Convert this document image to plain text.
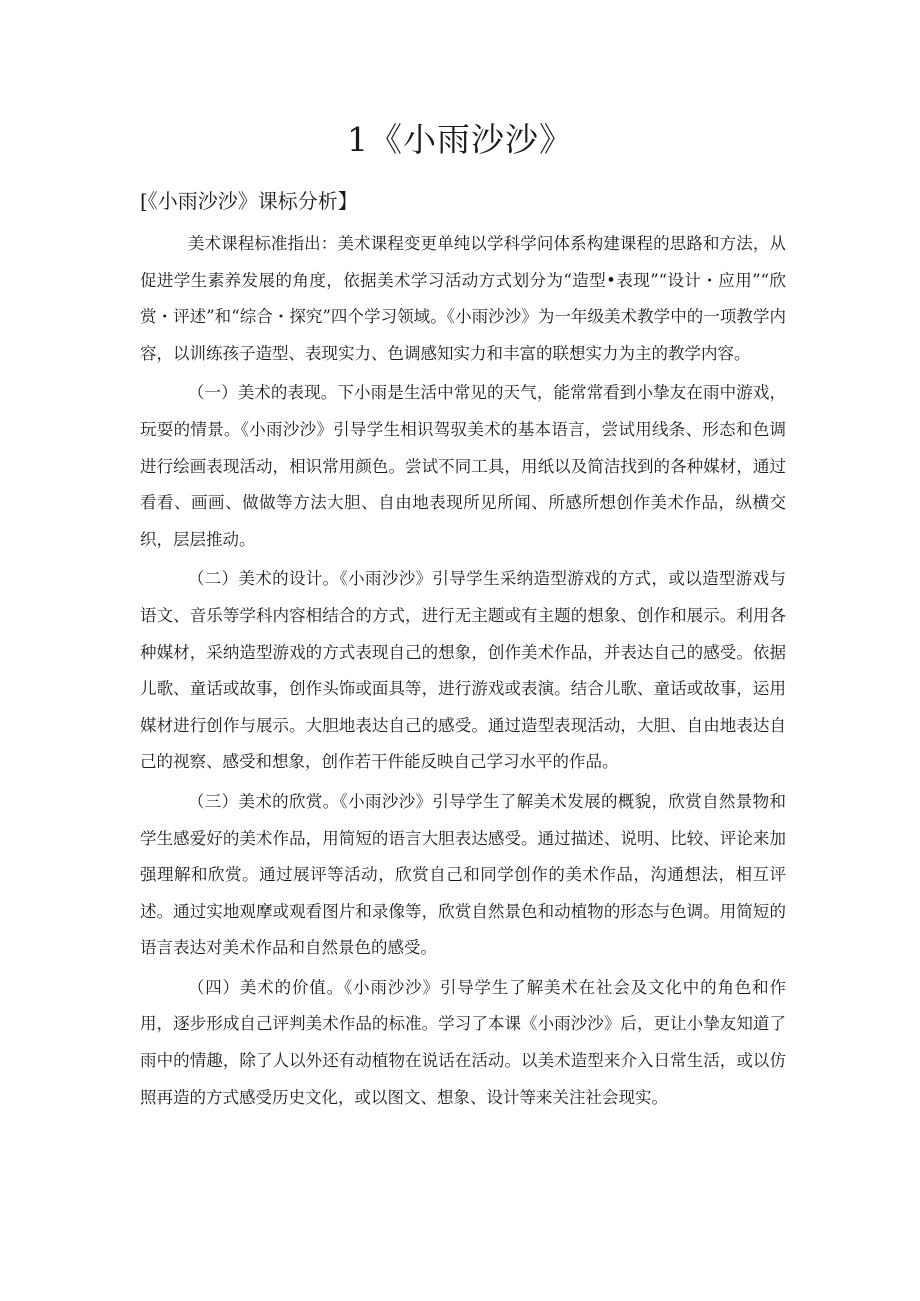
1《小雨沙沙》
[《小雨沙沙》课标分析】

美术课程标准指出：美术课程变更单纯以学科学问体系构建课程的思路和方法，从促进学生素养发展的角度，依据美术学习活动方式划分为“造型•表现”“设计・应用”“欣赏・评述”和“综合・探究”四个学习领域。《小雨沙沙》为一年级美术教学中的一项教学内容，以训练孩子造型、表现实力、色调感知实力和丰富的联想实力为主的教学内容。

（一）美术的表现。下小雨是生活中常见的天气，能常常看到小挚友在雨中游戏，玩耍的情景。《小雨沙沙》引导学生相识驾驭美术的基本语言，尝试用线条、形态和色调进行绘画表现活动，相识常用颜色。尝试不同工具，用纸以及简洁找到的各种媒材，通过看看、画画、做做等方法大胆、自由地表现所见所闻、所感所想创作美术作品，纵横交织，层层推动。

（二）美术的设计。《小雨沙沙》引导学生采纳造型游戏的方式，或以造型游戏与语文、音乐等学科内容相结合的方式，进行无主题或有主题的想象、创作和展示。利用各种媒材，采纳造型游戏的方式表现自己的想象，创作美术作品，并表达自己的感受。依据儿歌、童话或故事，创作头饰或面具等，进行游戏或表演。结合儿歌、童话或故事，运用媒材进行创作与展示。大胆地表达自己的感受。通过造型表现活动，大胆、自由地表达自己的视察、感受和想象，创作若干件能反映自己学习水平的作品。

（三）美术的欣赏。《小雨沙沙》引导学生了解美术发展的概貌，欣赏自然景物和学生感爱好的美术作品，用简短的语言大胆表达感受。通过描述、说明、比较、评论来加强理解和欣赏。通过展评等活动，欣赏自己和同学创作的美术作品，沟通想法，相互评述。通过实地观摩或观看图片和录像等，欣赏自然景色和动植物的形态与色调。用简短的语言表达对美术作品和自然景色的感受。

（四）美术的价值。《小雨沙沙》引导学生了解美术在社会及文化中的角色和作用，逐步形成自己评判美术作品的标准。学习了本课《小雨沙沙》后，更让小挚友知道了雨中的情趣，除了人以外还有动植物在说话在活动。以美术造型来介入日常生活，或以仿照再造的方式感受历史文化，或以图文、想象、设计等来关注社会现实。
